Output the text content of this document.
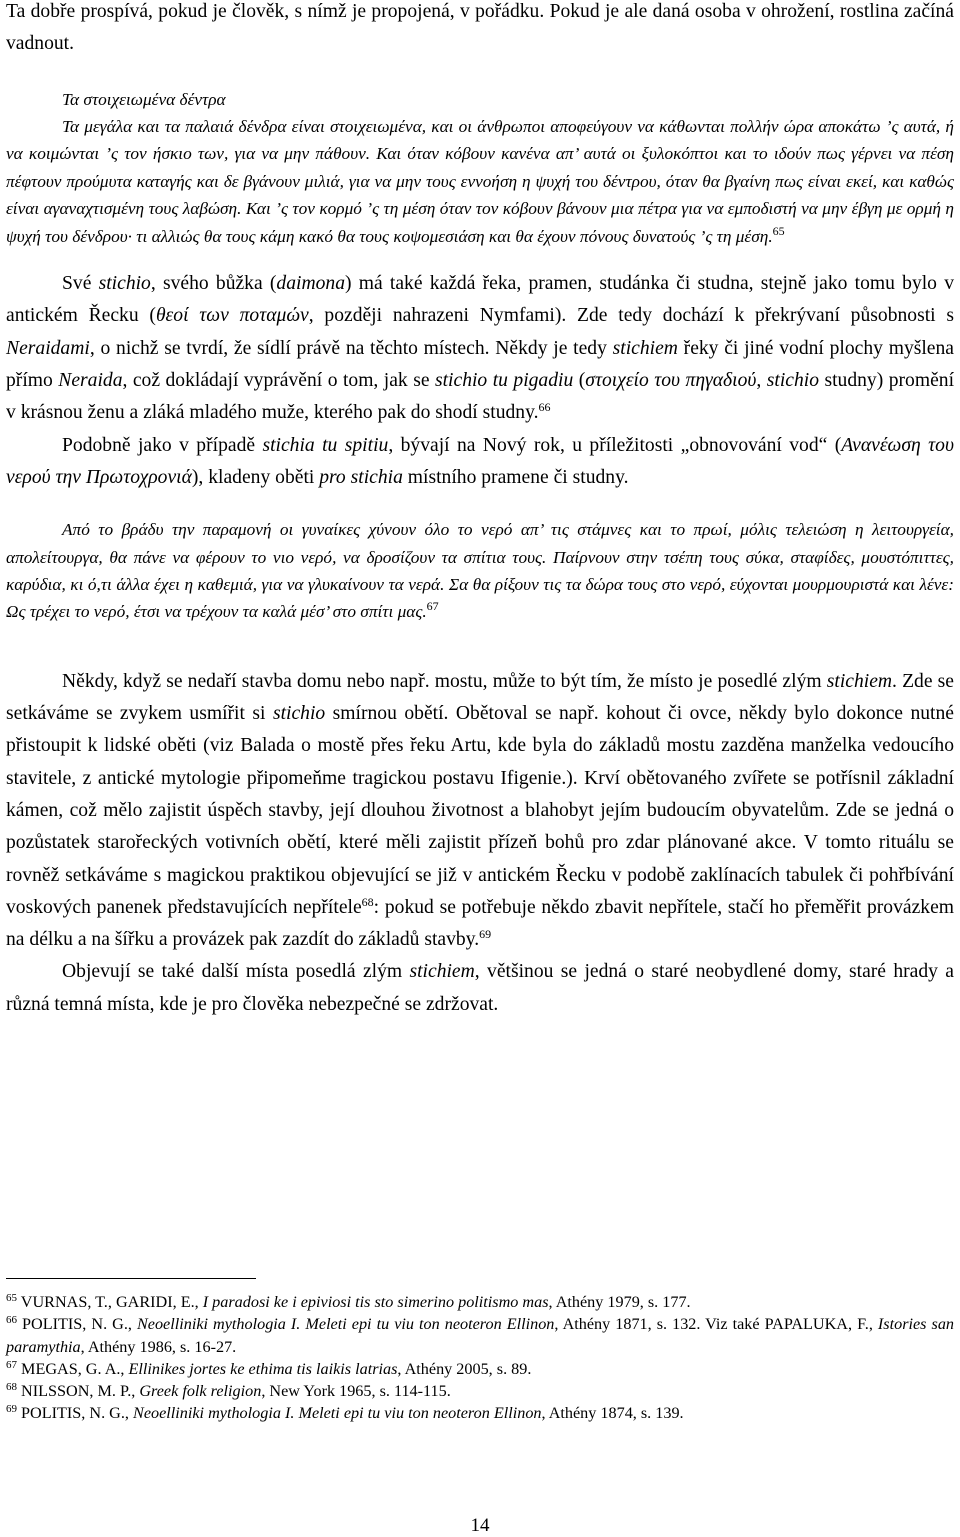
Ta dobře prospívá, pokud je člověk, s nímž je propojená, v pořádku. Pokud je ale daná osoba v ohrožení, rostlina začíná vadnout.

Τα στοιχειωμένα δέντρα

Τα μεγάλα και τα παλαιά δένδρα είναι στοιχειωμένα, και οι άνθρωποι αποφεύγουν να κάθωνται πολλήν ώρα αποκάτω ’ς αυτά, ή να κοιμώνται ’ς τον ήσκιο των, για να μην πάθουν. Και όταν κόβουν κανένα απ’ αυτά οι ξυλοκόπτοι και το ιδούν πως γέρνει να πέση πέφτουν προύμυτα καταγής και δε βγάνουν μιλιά, για να μην τους εννοήση η ψυχή του δέντρου, όταν θα βγαίνη πως είναι εκεί, και καθώς είναι αγαναχτισμένη τους λαβώση. Και ’ς τον κορμό ’ς τη μέση όταν τον κόβουν βάνουν μια πέτρα για να εμποδιστή να μην έβγη με ορμή η ψυχή του δένδρου· τι αλλιώς θα τους κάμη κακό θα τους κοψομεσιάση και θα έχουν πόνους δυνατούς ’ς τη μέση.$^{65}$

Své stichio, svého bůžka (daimona) má také každá řeka, pramen, studánka či studna, stejně jako tomu bylo v antickém Řecku (θεοί των ποταμών, později nahrazeni Nymfami). Zde tedy dochází k překrývaní působnosti s Neraidami, o nichž se tvrdí, že sídlí právě na těchto místech. Někdy je tedy stichiem řeky či jiné vodní plochy myšlena přímo Neraida, což dokládají vyprávění o tom, jak se stichio tu pigadiu (στοιχείο του πηγαδιού, stichio studny) promění v krásnou ženu a zláká mladého muže, kterého pak do shodí studny.$^{66}$

Podobně jako v případě stichia tu spitiu, bývají na Nový rok, u příležitosti „obnovování vod“ (Ανανέωση του νερού την Πρωτοχρονιά), kladeny oběti pro stichia místního pramene či studny.

Από το βράδυ την παραμονή οι γυναίκες χύνουν όλο το νερό απ’ τις στάμνες και το πρωί, μόλις τελειώση η λειτουργεία, απολείτουργα, θα πάνε να φέρουν το νιο νερό, να δροσίζουν τα σπίτια τους. Παίρνουν στην τσέπη τους σύκα, σταφίδες, μουστόπιττες, καρύδια, κι ό,τι άλλα έχει η καθεμιά, για να γλυκαίνουν τα νερά. Σα θα ρίξουν τις τα δώρα τους στο νερό, εύχονται μουρμουριστά και λένε: Ως τρέχει το νερό, έτσι να τρέχουν τα καλά μέσ’ στο σπίτι μας.$^{67}$

Někdy, když se nedaří stavba domu nebo např. mostu, může to být tím, že místo je posedlé zlým stichiem. Zde se setkáváme se zvykem usmířit si stichio smírnou obětí. Obětoval se např. kohout či ovce, někdy bylo dokonce nutné přistoupit k lidské oběti (viz Balada o mostě přes řeku Artu, kde byla do základů mostu zazděna manželka vedoucího stavitele, z antické mytologie připomeňme tragickou postavu Ifigenie.). Krví obětovaného zvířete se potřísnil základní kámen, což mělo zajistit úspěch stavby, její dlouhou životnost a blahobyt jejím budoucím obyvatelům. Zde se jedná o pozůstatek starořeckých votivních obětí, které měli zajistit přízeň bohů pro zdar plánované akce. V tomto rituálu se rovněž setkáváme s magickou praktikou objevující se již v antickém Řecku v podobě zaklínacích tabulek či pohřbívání voskových panenek představujících nepřítele$^{68}$: pokud se potřebuje někdo zbavit nepřítele, stačí ho přeměřit provázkem na délku a na šířku a provázek pak zazdít do základů stavby.$^{69}$

Objevují se také další místa posedlá zlým stichiem, většinou se jedná o staré neobydlené domy, staré hrady a různá temná místa, kde je pro člověka nebezpečné se zdržovat.

$^{65}$ VURNAS, T., GARIDI, E., I paradosi ke i epiviosi tis sto simerino politismo mas, Athény 1979, s. 177.

$^{66}$ POLITIS, N. G., Neoelliniki mythologia I. Meleti epi tu viu ton neoteron Ellinon, Athény 1871, s. 132. Viz také PAPALUKA, F., Istories san paramythia, Athény 1986, s. 16-27.

$^{67}$ MEGAS, G. A., Ellinikes jortes ke ethima tis laikis latrias, Athény 2005, s. 89.

$^{68}$ NILSSON, M. P., Greek folk religion, New York 1965, s. 114-115.

$^{69}$ POLITIS, N. G., Neoelliniki mythologia I. Meleti epi tu viu ton neoteron Ellinon, Athény 1874, s. 139.

14
